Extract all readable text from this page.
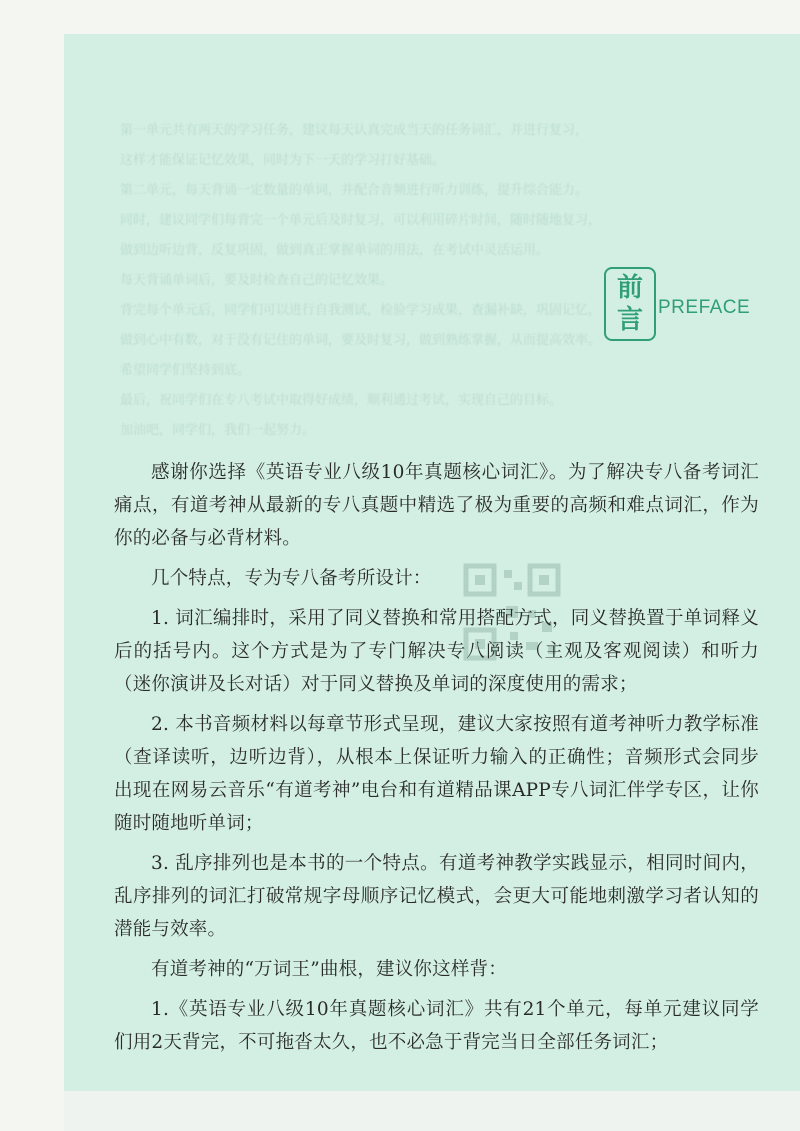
第一单元共有两天的学习任务，建议每天认真完成当天的任务词汇，并进行复习，

这样才能保证记忆效果，同时为下一天的学习打好基础。

第二单元，每天背诵一定数量的单词，并配合音频进行听力训练，提升综合能力。

同时，建议同学们每背完一个单元后及时复习，可以利用碎片时间，随时随地复习，

做到边听边背，反复巩固，做到真正掌握单词的用法，在考试中灵活运用。

每天背诵单词后，要及时检查自己的记忆效果。

背完每个单元后，同学们可以进行自我测试，检验学习成果，查漏补缺，巩固记忆，

做到心中有数，对于没有记住的单词，要及时复习，做到熟练掌握，从而提高效率。

希望同学们坚持到底。

最后，祝同学们在专八考试中取得好成绩，顺利通过考试，实现自己的目标。

加油吧，同学们，我们一起努力。

前
言 PREFACE

感谢你选择《英语专业八级10年真题核心词汇》。为了解决专八备考词汇痛点，有道考神从最新的专八真题中精选了极为重要的高频和难点词汇，作为你的必备与必背材料。

几个特点，专为专八备考所设计：

1. 词汇编排时，采用了同义替换和常用搭配方式，同义替换置于单词释义后的括号内。这个方式是为了专门解决专八阅读（主观及客观阅读）和听力（迷你演讲及长对话）对于同义替换及单词的深度使用的需求；

2. 本书音频材料以每章节形式呈现，建议大家按照有道考神听力教学标准（查译读听，边听边背），从根本上保证听力输入的正确性；音频形式会同步出现在网易云音乐“有道考神”电台和有道精品课APP专八词汇伴学专区，让你随时随地听单词；

3. 乱序排列也是本书的一个特点。有道考神教学实践显示，相同时间内，乱序排列的词汇打破常规字母顺序记忆模式，会更大可能地刺激学习者认知的潜能与效率。

有道考神的“万词王”曲根，建议你这样背：

1.《英语专业八级10年真题核心词汇》共有21个单元，每单元建议同学们用2天背完，不可拖沓太久，也不必急于背完当日全部任务词汇；
